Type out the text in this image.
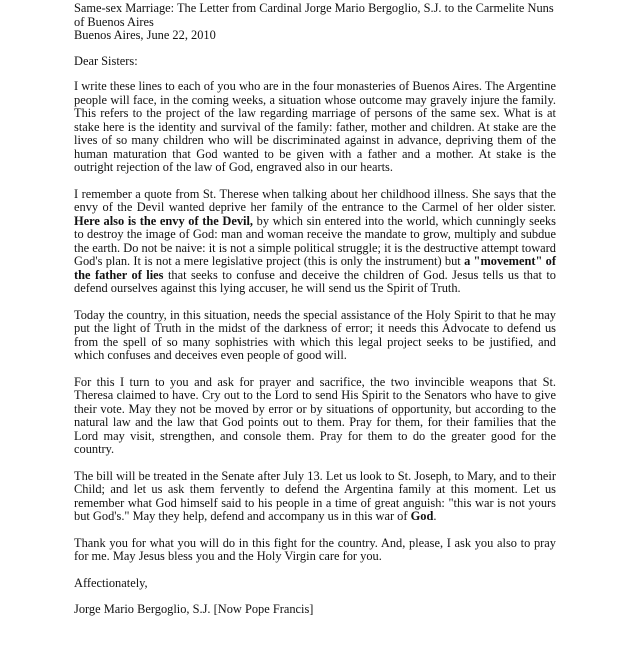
Same-sex Marriage: The Letter from Cardinal Jorge Mario Bergoglio, S.J. to the Carmelite Nuns of Buenos Aires
Buenos Aires, June 22, 2010

Dear Sisters:

I write these lines to each of you who are in the four monasteries of Buenos Aires. The Argentine people will face, in the coming weeks, a situation whose outcome may gravely injure the family. This refers to the project of the law regarding marriage of persons of the same sex. What is at stake here is the identity and survival of the family: father, mother and children. At stake are the lives of so many children who will be discriminated against in advance, depriving them of the human maturation that God wanted to be given with a father and a mother. At stake is the outright rejection of the law of God, engraved also in our hearts.

I remember a quote from St. Therese when talking about her childhood illness. She says that the envy of the Devil wanted deprive her family of the entrance to the Carmel of her older sister. Here also is the envy of the Devil, by which sin entered into the world, which cunningly seeks to destroy the image of God: man and woman receive the mandate to grow, multiply and subdue the earth. Do not be naive: it is not a simple political struggle; it is the destructive attempt toward God's plan. It is not a mere legislative project (this is only the instrument) but a "movement" of the father of lies that seeks to confuse and deceive the children of God. Jesus tells us that to defend ourselves against this lying accuser, he will send us the Spirit of Truth.

Today the country, in this situation, needs the special assistance of the Holy Spirit to that he may put the light of Truth in the midst of the darkness of error; it needs this Advocate to defend us from the spell of so many sophistries with which this legal project seeks to be justified, and which confuses and deceives even people of good will.

For this I turn to you and ask for prayer and sacrifice, the two invincible weapons that St. Theresa claimed to have. Cry out to the Lord to send His Spirit to the Senators who have to give their vote. May they not be moved by error or by situations of opportunity, but according to the natural law and the law that God points out to them. Pray for them, for their families that the Lord may visit, strengthen, and console them. Pray for them to do the greater good for the country.

The bill will be treated in the Senate after July 13. Let us look to St. Joseph, to Mary, and to their Child; and let us ask them fervently to defend the Argentina family at this moment. Let us remember what God himself said to his people in a time of great anguish: "this war is not yours but God's." May they help, defend and accompany us in this war of God.

Thank you for what you will do in this fight for the country. And, please, I ask you also to pray for me. May Jesus bless you and the Holy Virgin care for you.

Affectionately,

Jorge Mario Bergoglio, S.J. [Now Pope Francis]
